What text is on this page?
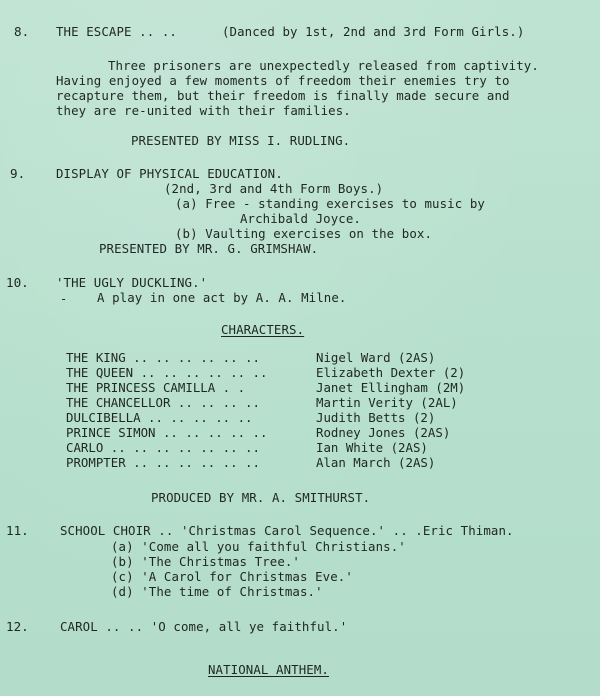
8. THE ESCAPE .. ..	(Danced by 1st, 2nd and 3rd Form Girls.)
Three prisoners are unexpectedly released from captivity.
Having enjoyed a few moments of freedom their enemies try to
recapture them, but their freedom is finally made secure and
they are re-united with their families.
PRESENTED BY MISS I. RUDLING.
9. DISPLAY OF PHYSICAL EDUCATION.
(2nd, 3rd and 4th Form Boys.)
(a) Free - standing exercises to music by
Archibald Joyce.
(b) Vaulting exercises on the box.
PRESENTED BY MR. G. GRIMSHAW.
10. 'THE UGLY DUCKLING.'
- A play in one act by A. A. Milne.
CHARACTERS.
THE KING .. .. .. .. .. ..	Nigel Ward (2AS)
THE QUEEN .. .. .. .. .. ..	Elizabeth Dexter (2)
THE PRINCESS CAMILLA . .	Janet Ellingham (2M)
THE CHANCELLOR .. .. .. ..	Martin Verity (2AL)
DULCIBELLA .. .. .. .. ..	Judith Betts (2)
PRINCE SIMON .. .. .. .. ..	Rodney Jones (2AS)
CARLO .. .. .. .. .. .. ..	Ian White (2AS)
PROMPTER .. .. .. .. .. ..	Alan March (2AS)
PRODUCED BY MR. A. SMITHURST.
11.	SCHOOL CHOIR .. 'Christmas Carol Sequence.' .. .Eric Thiman.
(a) 'Come all you faithful Christians.'
(b) 'The Christmas Tree.'
(c) 'A Carol for Christmas Eve.'
(d) 'The time of Christmas.'
12.	CAROL .. .. 'O come, all ye faithful.'
NATIONAL ANTHEM.
